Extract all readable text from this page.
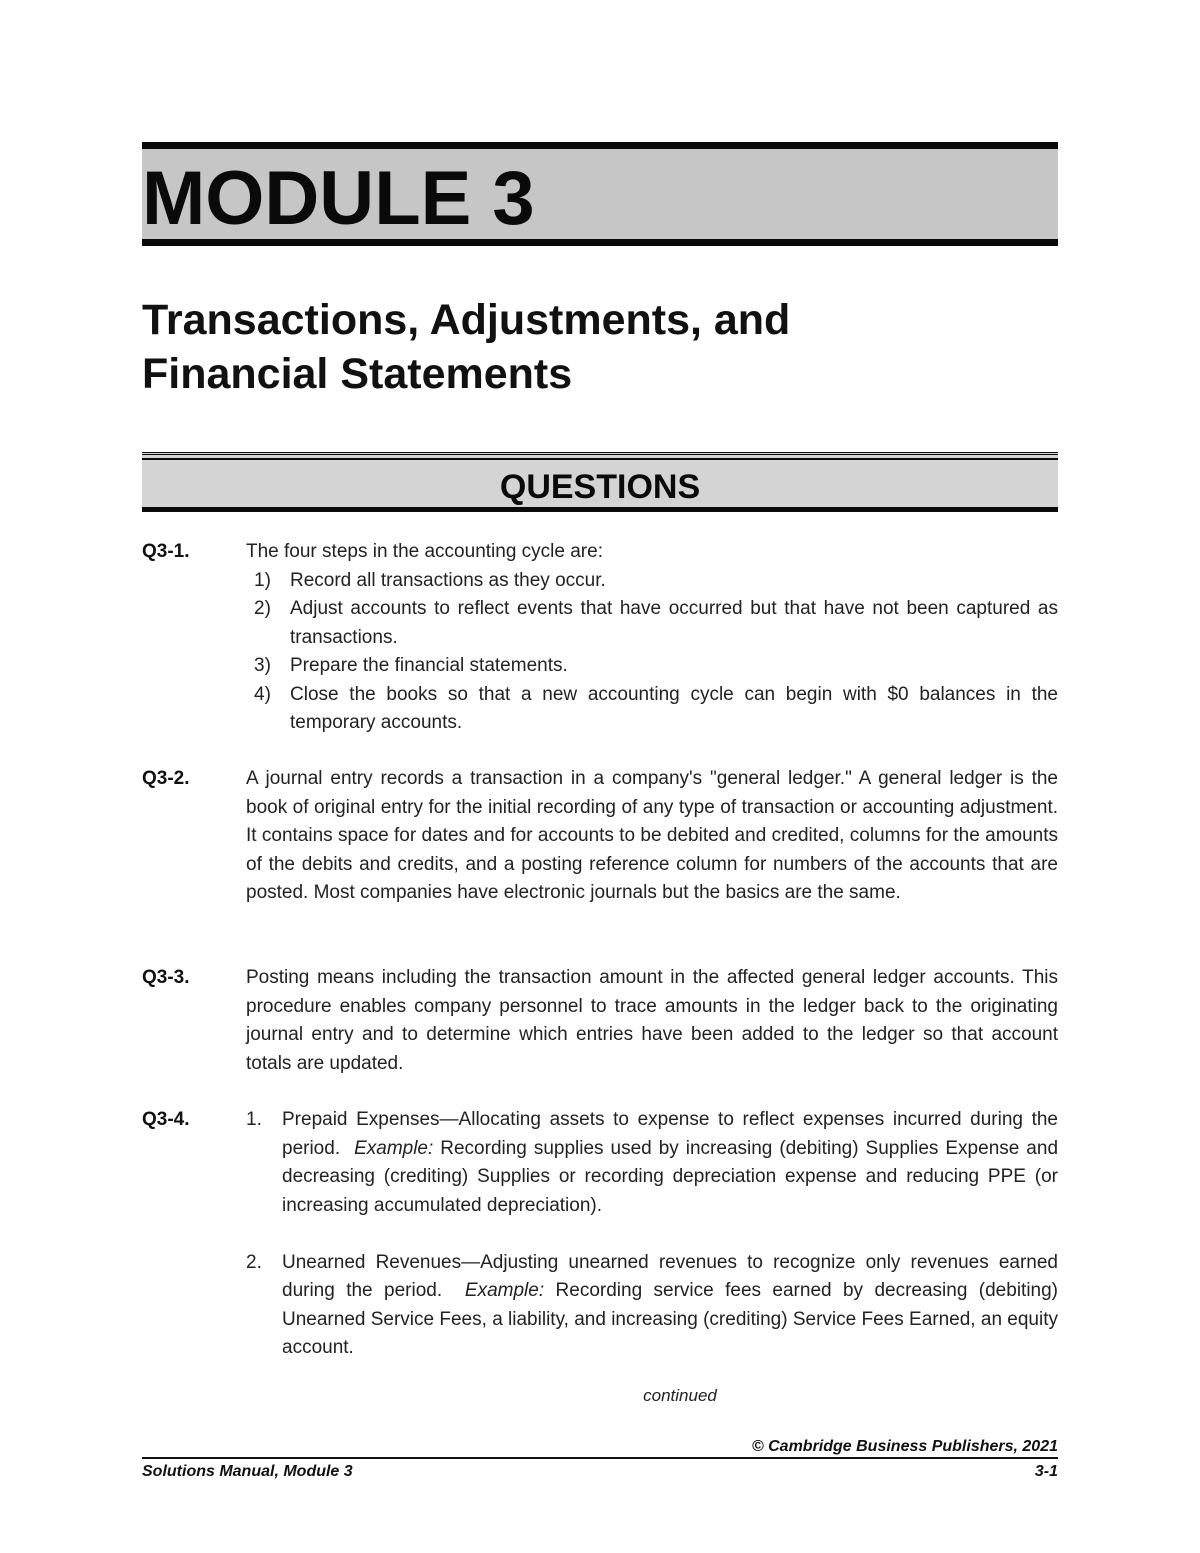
MODULE 3
Transactions, Adjustments, and
Financial Statements
QUESTIONS
Q3-1.	The four steps in the accounting cycle are:

1) Record all transactions as they occur.
2) Adjust accounts to reflect events that have occurred but that have not been captured as transactions.
3) Prepare the financial statements.
4) Close the books so that a new accounting cycle can begin with $0 balances in the temporary accounts.
Q3-2.	A journal entry records a transaction in a company's "general ledger." A general ledger is the book of original entry for the initial recording of any type of transaction or accounting adjustment. It contains space for dates and for accounts to be debited and credited, columns for the amounts of the debits and credits, and a posting reference column for numbers of the accounts that are posted. Most companies have electronic journals but the basics are the same.

Q3-3.	Posting means including the transaction amount in the affected general ledger accounts. This procedure enables company personnel to trace amounts in the ledger back to the originating journal entry and to determine which entries have been added to the ledger so that account totals are updated.

Q3-4.	1. Prepaid Expenses—Allocating assets to expense to reflect expenses incurred during the period. Example: Recording supplies used by increasing (debiting) Supplies Expense and decreasing (crediting) Supplies or recording depreciation expense and reducing PPE (or increasing accumulated depreciation).
2. Unearned Revenues—Adjusting unearned revenues to recognize only revenues earned during the period. Example: Recording service fees earned by decreasing (debiting) Unearned Service Fees, a liability, and increasing (crediting) Service Fees Earned, an equity account.
continued
© Cambridge Business Publishers, 2021
Solutions Manual, Module 3	3-1
